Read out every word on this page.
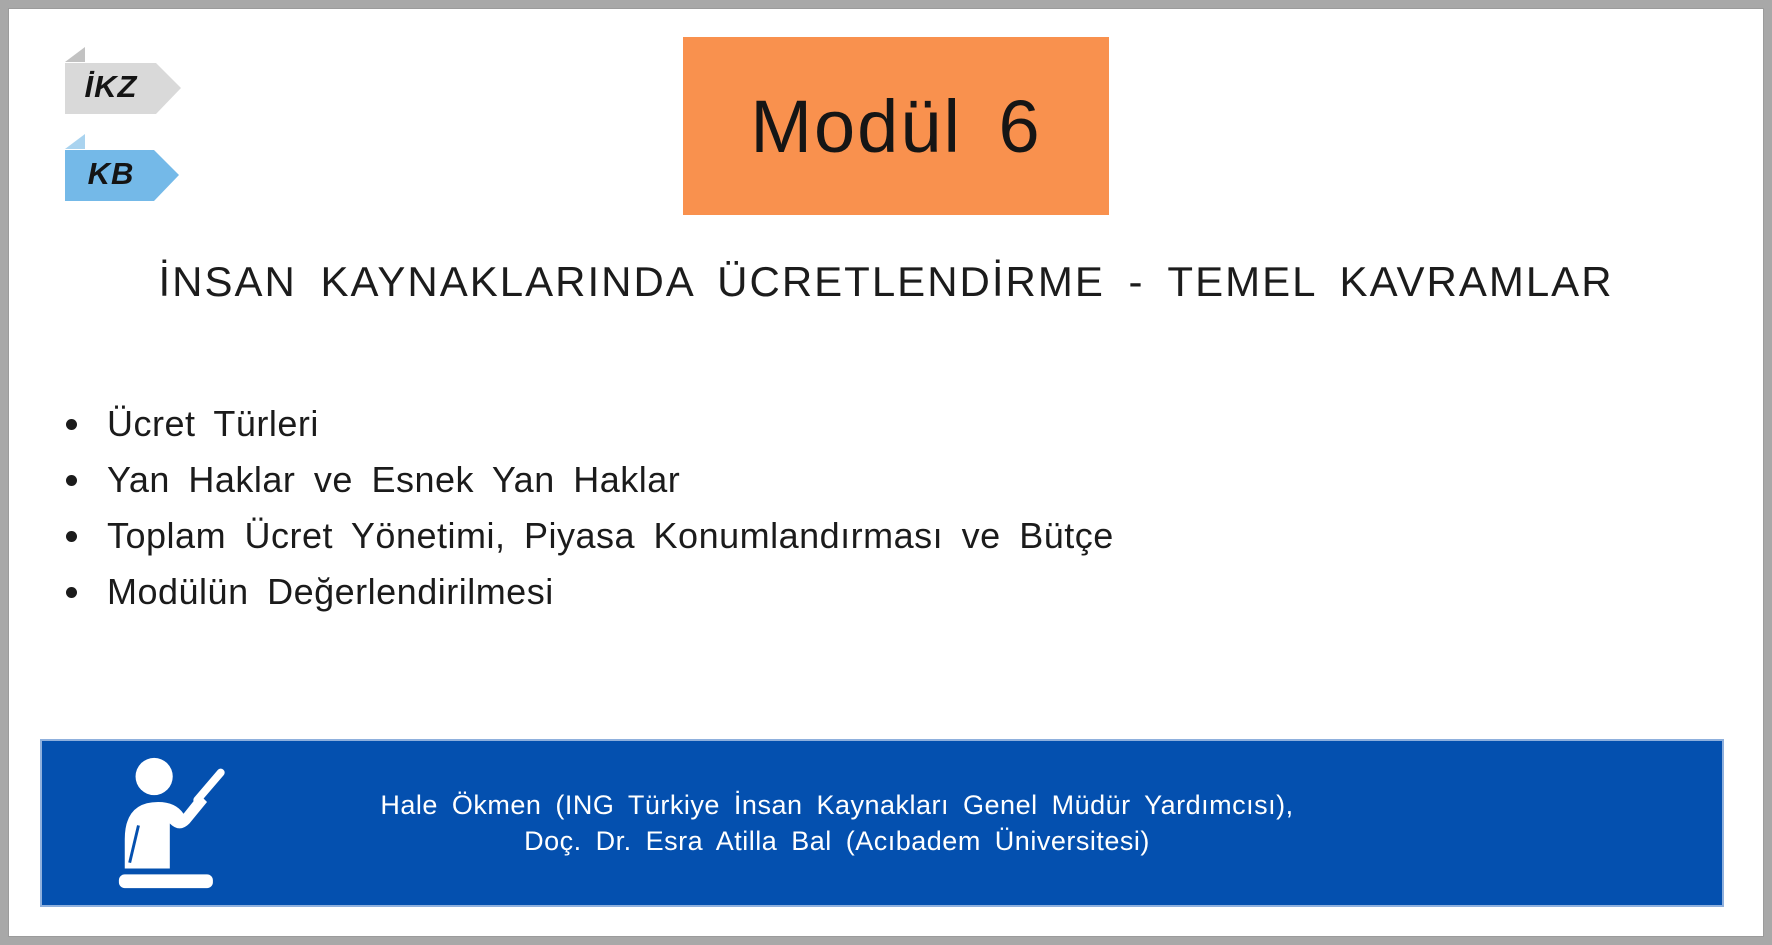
İKZ
KB
Modül 6
İNSAN KAYNAKLARINDA ÜCRETLENDİRME - TEMEL KAVRAMLAR
Ücret Türleri
Yan Haklar ve Esnek Yan Haklar
Toplam Ücret Yönetimi, Piyasa Konumlandırması ve Bütçe
Modülün Değerlendirilmesi
Hale Ökmen (ING Türkiye İnsan Kaynakları Genel Müdür Yardımcısı),
Doç. Dr. Esra Atilla Bal (Acıbadem Üniversitesi)
